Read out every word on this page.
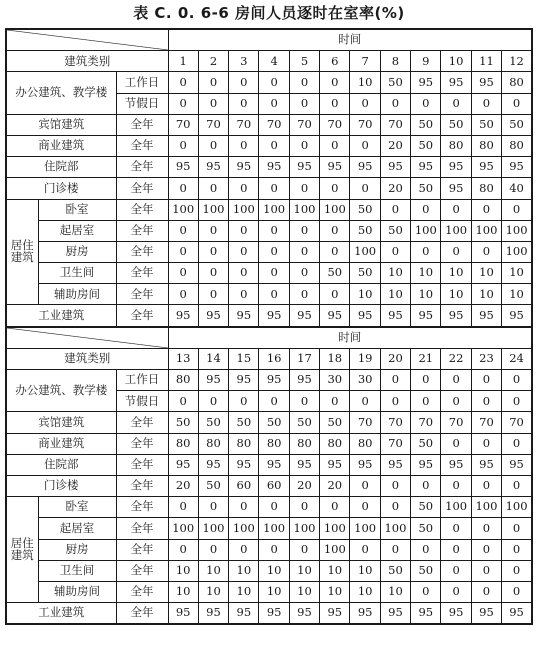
表 C. 0. 6-6 房间人员逐时在室率(%)
			时间											
建筑类别			1	2	3	4	5	6	7	8	9	10	11	12
办公建筑、教学楼		工作日	0	0	0	0	0	0	10	50	95	95	95	80
		节假日	0	0	0	0	0	0	0	0	0	0	0	0
宾馆建筑		全年	70	70	70	70	70	70	70	70	50	50	50	50
商业建筑		全年	0	0	0	0	0	0	0	20	50	80	80	80
住院部		全年	95	95	95	95	95	95	95	95	95	95	95	95
门诊楼		全年	0	0	0	0	0	0	0	20	50	95	80	40
居住
建筑	卧室	全年	100	100	100	100	100	100	50	0	0	0	0	0
	起居室	全年	0	0	0	0	0	0	50	50	100	100	100	100
	厨房	全年	0	0	0	0	0	0	100	0	0	0	0	100
	卫生间	全年	0	0	0	0	0	50	50	10	10	10	10	10
	辅助房间	全年	0	0	0	0	0	0	10	10	10	10	10	10
工业建筑		全年	95	95	95	95	95	95	95	95	95	95	95	95
			时间											
建筑类别			13	14	15	16	17	18	19	20	21	22	23	24
办公建筑、教学楼		工作日	80	95	95	95	95	30	30	0	0	0	0	0
		节假日	0	0	0	0	0	0	0	0	0	0	0	0
宾馆建筑		全年	50	50	50	50	50	50	70	70	70	70	70	70
商业建筑		全年	80	80	80	80	80	80	80	70	50	0	0	0
住院部		全年	95	95	95	95	95	95	95	95	95	95	95	95
门诊楼		全年	20	50	60	60	20	20	0	0	0	0	0	0
居住
建筑	卧室	全年	0	0	0	0	0	0	0	0	50	100	100	100
	起居室	全年	100	100	100	100	100	100	100	100	50	0	0	0
	厨房	全年	0	0	0	0	0	100	0	0	0	0	0	0
	卫生间	全年	10	10	10	10	10	10	10	50	50	0	0	0
	辅助房间	全年	10	10	10	10	10	10	10	10	0	0	0	0
工业建筑		全年	95	95	95	95	95	95	95	95	95	95	95	95
